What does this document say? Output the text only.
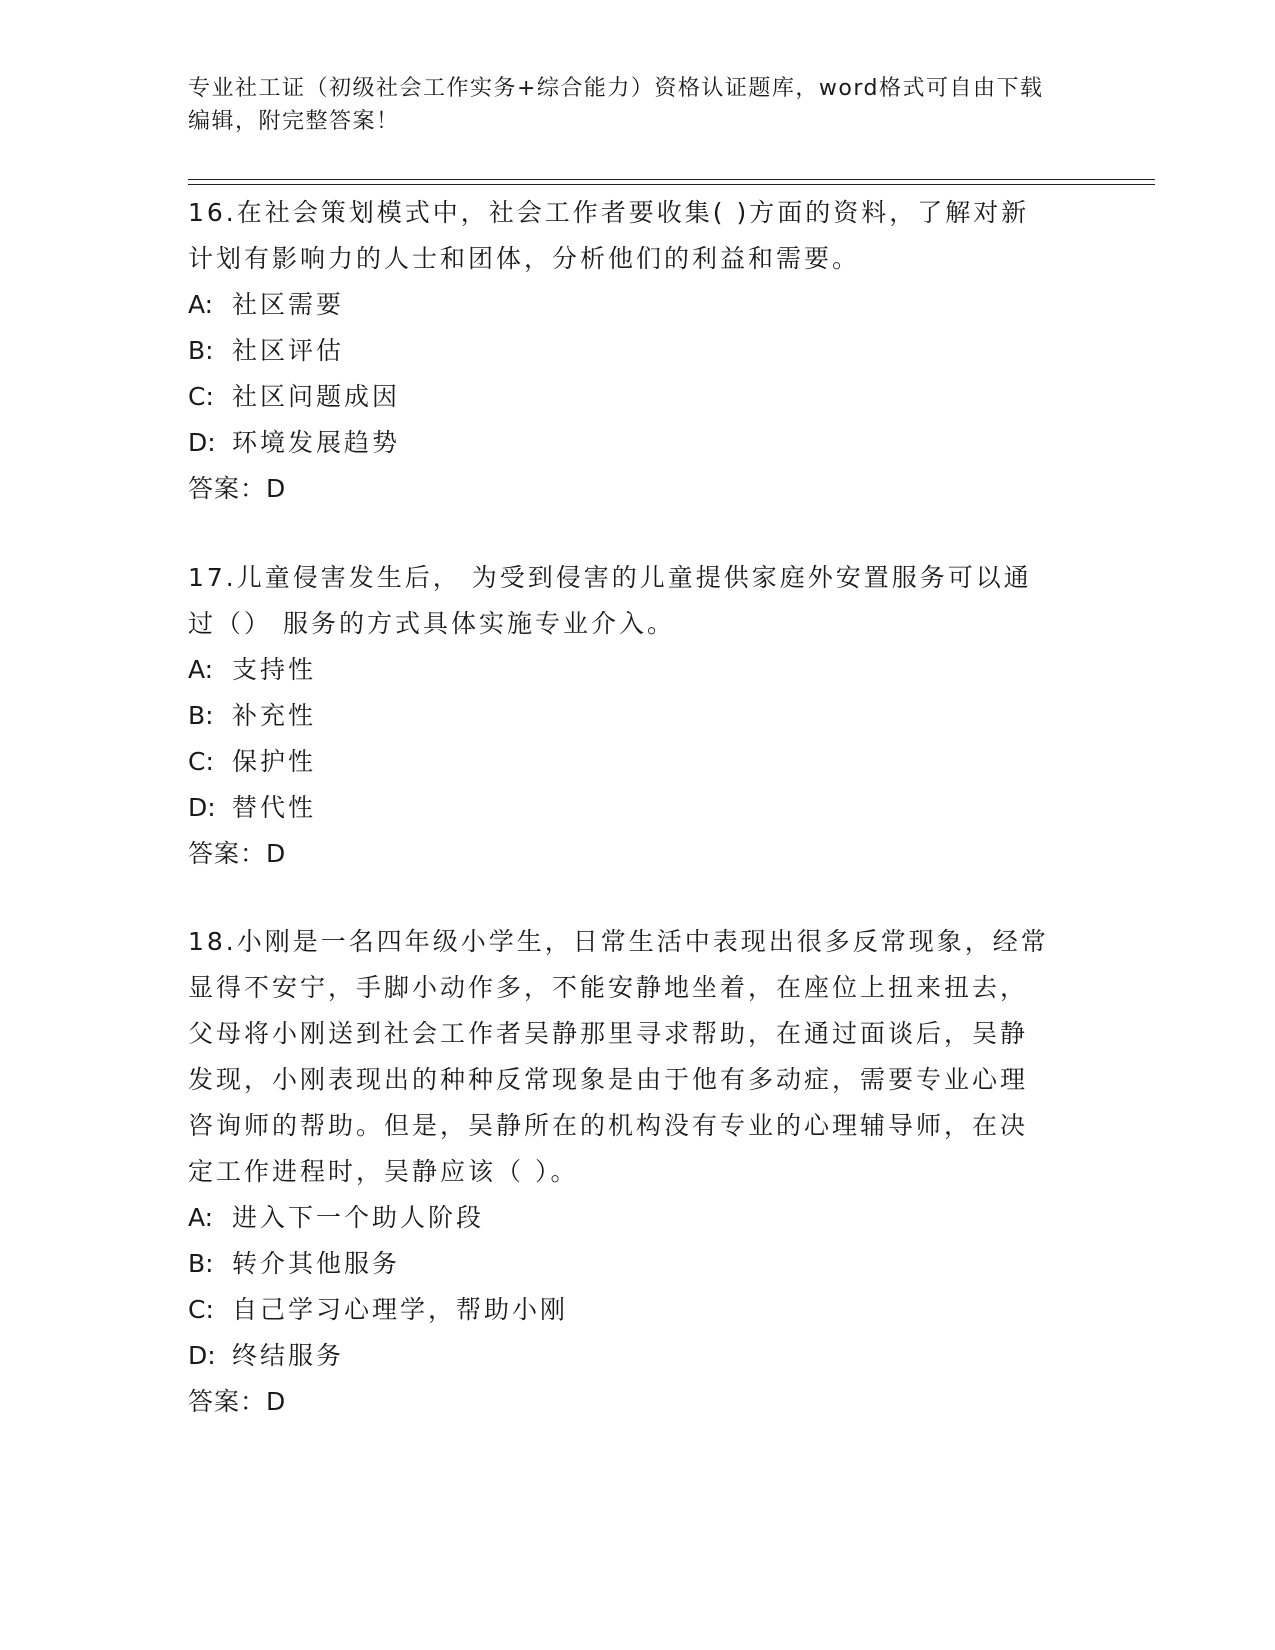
专业社工证（初级社会工作实务+综合能力）资格认证题库，word格式可自由下载
编辑，附完整答案！

16.在社会策划模式中，社会工作者要收集( )方面的资料，了解对新
计划有影响力的人士和团体，分析他们的利益和需要。

A: 社区需要

B: 社区评估

C: 社区问题成因

D: 环境发展趋势

答案：D

17.儿童侵害发生后， 为受到侵害的儿童提供家庭外安置服务可以通
过（） 服务的方式具体实施专业介入。

A: 支持性

B: 补充性

C: 保护性

D: 替代性

答案：D

18.小刚是一名四年级小学生，日常生活中表现出很多反常现象，经常
显得不安宁，手脚小动作多，不能安静地坐着，在座位上扭来扭去，
父母将小刚送到社会工作者吴静那里寻求帮助，在通过面谈后，吴静
发现，小刚表现出的种种反常现象是由于他有多动症，需要专业心理
咨询师的帮助。但是，吴静所在的机构没有专业的心理辅导师，在决
定工作进程时，吴静应该（ ）。

A: 进入下一个助人阶段

B: 转介其他服务

C: 自己学习心理学，帮助小刚

D: 终结服务

答案：D
